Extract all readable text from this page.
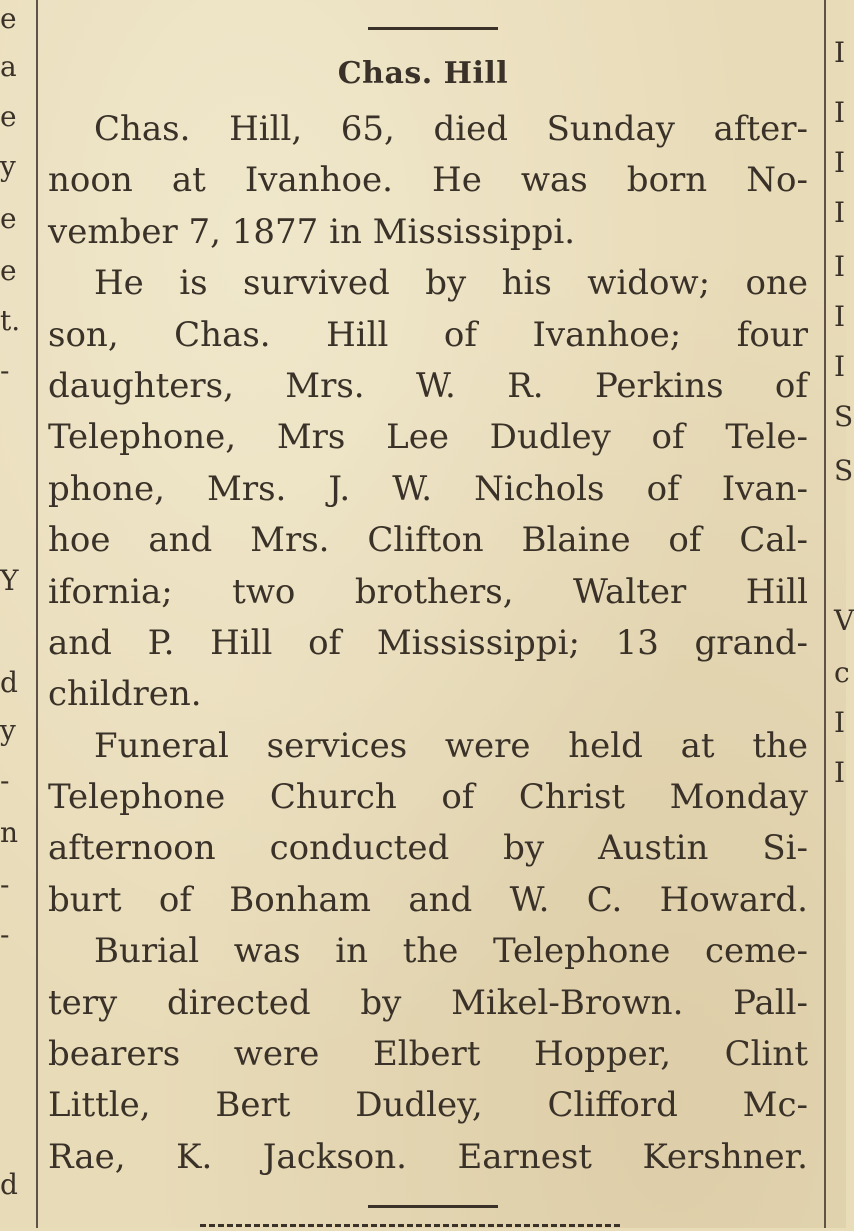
e
a
e
y
e
e
t.
-
Y
d
y
-
n
-
-
d
I
I
I
I
I
I
I
S
S
V
c
I
I
Chas. Hill
Chas. Hill, 65, died Sunday after-
noon at Ivanhoe. He was born No-
vember 7, 1877 in Mississippi.
He is survived by his widow; one
son, Chas. Hill of Ivanhoe; four
daughters, Mrs. W. R. Perkins of
Telephone, Mrs Lee Dudley of Tele-
phone, Mrs. J. W. Nichols of Ivan-
hoe and Mrs. Clifton Blaine of Cal-
ifornia; two brothers, Walter Hill
and P. Hill of Mississippi; 13 grand-
children.
Funeral services were held at the
Telephone Church of Christ Monday
afternoon conducted by Austin Si-
burt of Bonham and W. C. Howard.
Burial was in the Telephone ceme-
tery directed by Mikel-Brown. Pall-
bearers were Elbert Hopper, Clint
Little, Bert Dudley, Clifford Mc-
Rae, K. Jackson. Earnest Kershner.
